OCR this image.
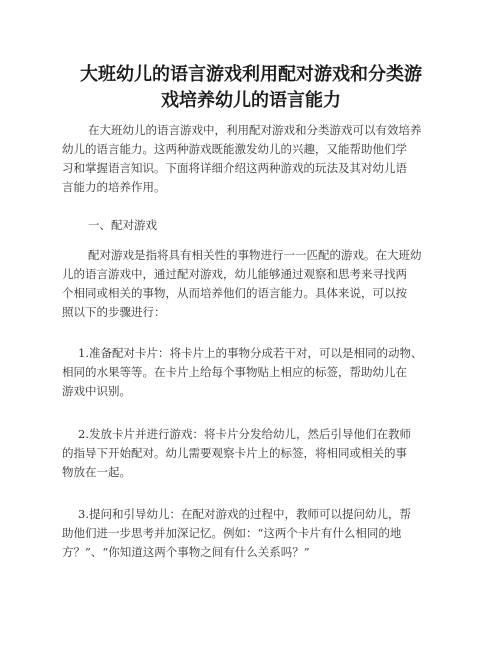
大班幼儿的语言游戏利用配对游戏和分类游
戏培养幼儿的语言能力

在大班幼儿的语言游戏中，利用配对游戏和分类游戏可以有效培养
幼儿的语言能力。这两种游戏既能激发幼儿的兴趣，又能帮助他们学
习和掌握语言知识。下面将详细介绍这两种游戏的玩法及其对幼儿语
言能力的培养作用。

一、配对游戏

配对游戏是指将具有相关性的事物进行一一匹配的游戏。在大班幼
儿的语言游戏中，通过配对游戏，幼儿能够通过观察和思考来寻找两
个相同或相关的事物，从而培养他们的语言能力。具体来说，可以按
照以下的步骤进行：

1.准备配对卡片：将卡片上的事物分成若干对，可以是相同的动物、
相同的水果等等。在卡片上给每个事物贴上相应的标签，帮助幼儿在
游戏中识别。

2.发放卡片并进行游戏：将卡片分发给幼儿，然后引导他们在教师
的指导下开始配对。幼儿需要观察卡片上的标签，将相同或相关的事
物放在一起。

3.提问和引导幼儿：在配对游戏的过程中，教师可以提问幼儿，帮
助他们进一步思考并加深记忆。例如：“这两个卡片有什么相同的地
方？”、“你知道这两个事物之间有什么关系吗？”
